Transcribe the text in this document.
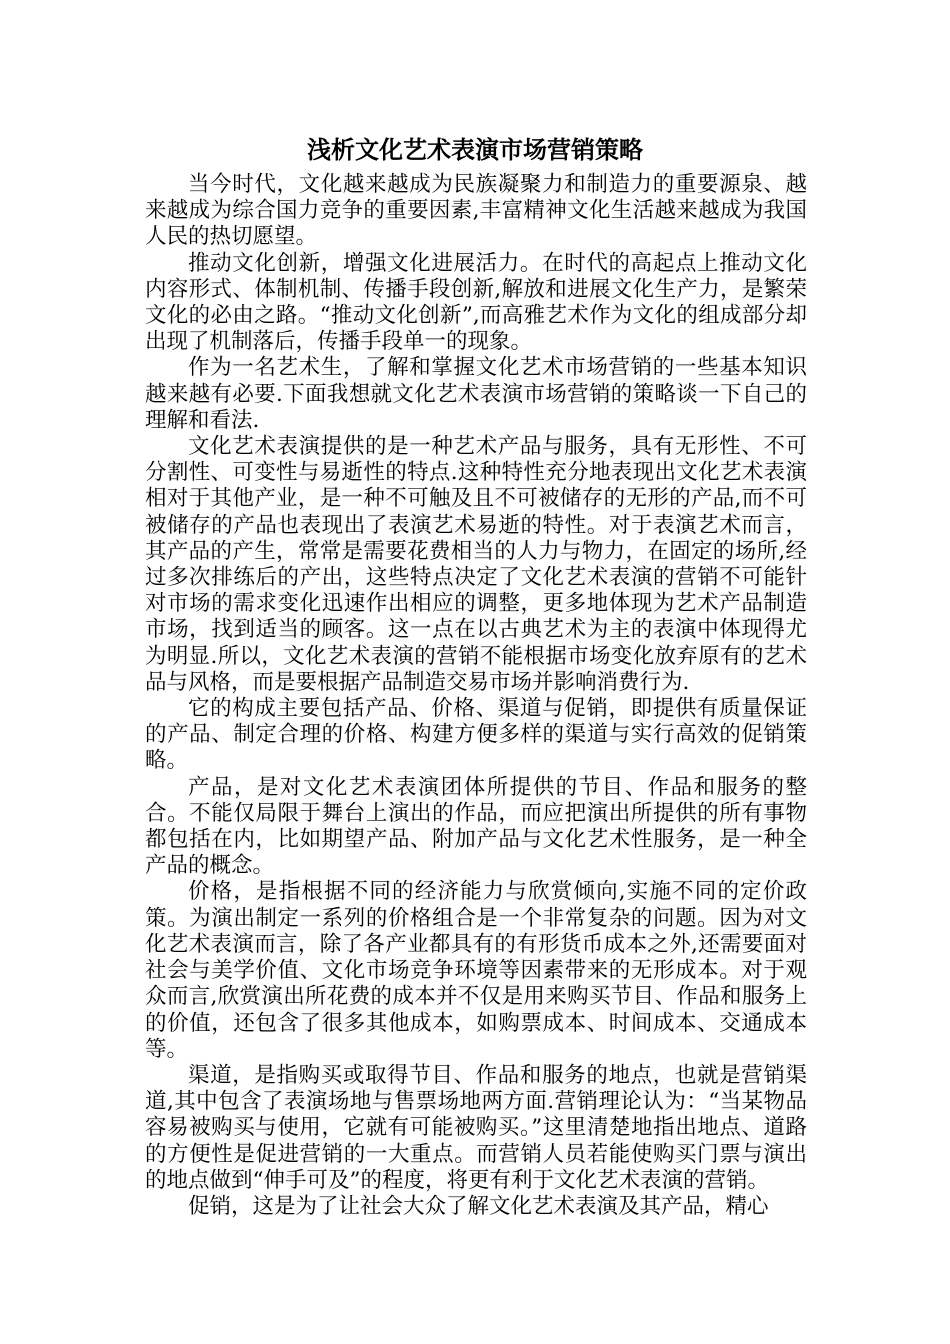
浅析文化艺术表演市场营销策略

当今时代，文化越来越成为民族凝聚力和制造力的重要源泉、越来越成为综合国力竞争的重要因素,丰富精神文化生活越来越成为我国人民的热切愿望。

推动文化创新，增强文化进展活力。在时代的高起点上推动文化内容形式、体制机制、传播手段创新,解放和进展文化生产力，是繁荣文化的必由之路。“推动文化创新”,而高雅艺术作为文化的组成部分却出现了机制落后，传播手段单一的现象。

作为一名艺术生，了解和掌握文化艺术市场营销的一些基本知识越来越有必要.下面我想就文化艺术表演市场营销的策略谈一下自己的理解和看法.

文化艺术表演提供的是一种艺术产品与服务，具有无形性、不可分割性、可变性与易逝性的特点.这种特性充分地表现出文化艺术表演相对于其他产业，是一种不可触及且不可被储存的无形的产品,而不可被储存的产品也表现出了表演艺术易逝的特性。对于表演艺术而言，其产品的产生，常常是需要花费相当的人力与物力，在固定的场所,经过多次排练后的产出，这些特点决定了文化艺术表演的营销不可能针对市场的需求变化迅速作出相应的调整，更多地体现为艺术产品制造市场，找到适当的顾客。这一点在以古典艺术为主的表演中体现得尤为明显.所以，文化艺术表演的营销不能根据市场变化放弃原有的艺术品与风格，而是要根据产品制造交易市场并影响消费行为.

它的构成主要包括产品、价格、渠道与促销，即提供有质量保证的产品、制定合理的价格、构建方便多样的渠道与实行高效的促销策略。

产品，是对文化艺术表演团体所提供的节目、作品和服务的整合。不能仅局限于舞台上演出的作品，而应把演出所提供的所有事物都包括在内，比如期望产品、附加产品与文化艺术性服务，是一种全产品的概念。

价格，是指根据不同的经济能力与欣赏倾向,实施不同的定价政策。为演出制定一系列的价格组合是一个非常复杂的问题。因为对文化艺术表演而言，除了各产业都具有的有形货币成本之外,还需要面对社会与美学价值、文化市场竞争环境等因素带来的无形成本。对于观众而言,欣赏演出所花费的成本并不仅是用来购买节目、作品和服务上的价值，还包含了很多其他成本，如购票成本、时间成本、交通成本等。

渠道，是指购买或取得节目、作品和服务的地点，也就是营销渠道,其中包含了表演场地与售票场地两方面.营销理论认为：“当某物品容易被购买与使用，它就有可能被购买。”这里清楚地指出地点、道路的方便性是促进营销的一大重点。而营销人员若能使购买门票与演出的地点做到“伸手可及”的程度，将更有利于文化艺术表演的营销。

促销，这是为了让社会大众了解文化艺术表演及其产品，精心
